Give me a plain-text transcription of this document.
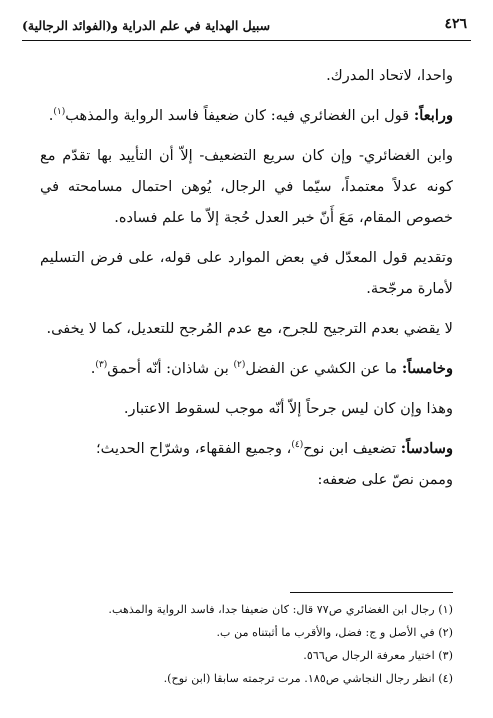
٤٢٦
سبيل الهداية في علم الدراية و(الفوائد الرجالية)

واحدا، لاتحاد المدرك.

ورابعاً: قول ابن الغضائري فيه: كان ضعيفاً فاسد الرواية والمذهب$^{(١)}$.

وابن الغضائري- وإن كان سريع التضعيف- إلاّ أن التأييد بها تقدّم مع كونه عدلاً معتمداً، سيّما في الرجال، يُوهن احتمال مسامحته في خصوص المقام، مَعَ أَنّ خبر العدل حُجة إلاّ ما علم فساده.

وتقديم قول المعدّل في بعض الموارد على قوله، على فرض التسليم لأمارة مرجّحة.

لا يقضي بعدم الترجيح للجرح، مع عدم المُرجح للتعديل، كما لا يخفى.

وخامساً: ما عن الكشي عن الفضل$^{(٢)}$ بن شاذان: أنّه أحمق$^{(٣)}$.

وهذا وإن كان ليس جرحاً إلاّ أنّه موجب لسقوط الاعتبار.

وسادساً: تضعيف ابن نوح$^{(٤)}$، وجميع الفقهاء، وشرّاح الحديث؛

وممن نصّ على ضعفه:

(١) رجال ابن الغضائري ص٧٧ قال: كان ضعيفا جدا، فاسد الرواية والمذهب.
(٢) في الأصل و ج: فضل، والأقرب ما أثبتناه من ب.
(٣) اختيار معرفة الرجال ص٥٦٦.
(٤) انظر رجال النجاشي ص١٨٥. مرت ترجمته سابقا (ابن نوح).
